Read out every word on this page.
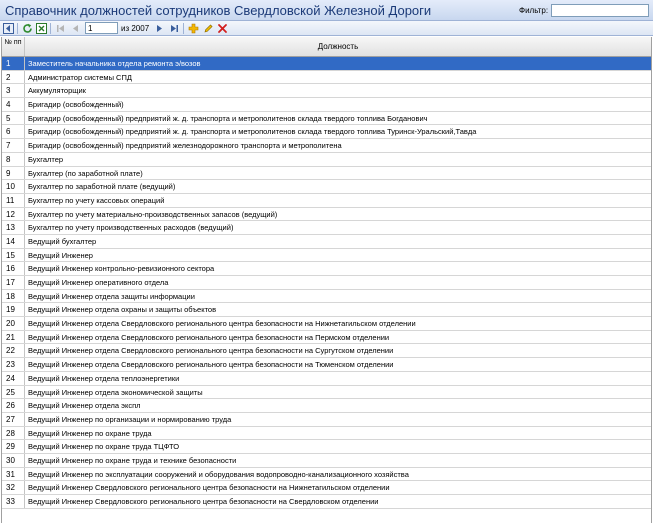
Справочник должностей сотрудников Свердловской Железной Дороги	Фильтр:
1
из 2007
№ пп	Должность
1	Заместитель начальника отдела ремонта э/возов
2	Администратор системы СПД
3	Аккумуляторщик
4	Бригадир (освобожденный)
5	Бригадир (освобожденный) предприятий ж. д. транспорта и метрополитенов склада твердого топлива Богданович
6	Бригадир (освобожденный) предприятий ж. д. транспорта и метрополитенов склада твердого топлива Туринск-Уральский,Тавда
7	Бригадир (освобожденный) предприятий железнодорожного транспорта и метрополитена
8	Бухгалтер
9	Бухгалтер (по заработной плате)
10	Бухгалтер по заработной плате (ведущий)
11	Бухгалтер по учету кассовых операций
12	Бухгалтер по учету материально-производственных запасов (ведущий)
13	Бухгалтер по учету производственных расходов (ведущий)
14	Ведущий бухгалтер
15	Ведущий Инженер
16	Ведущий Инженер контрольно-ревизионного сектора
17	Ведущий Инженер оперативного отдела
18	Ведущий Инженер отдела защиты информации
19	Ведущий Инженер отдела охраны и защиты объектов
20	Ведущий Инженер отдела Свердловского регионального центра безопасности на Нижнетагильском отделении
21	Ведущий Инженер отдела Свердловского регионального центра безопасности на Пермском отделении
22	Ведущий Инженер отдела Свердловского регионального центра безопасности на Сургутском отделении
23	Ведущий Инженер отдела Свердловского регионального центра безопасности на Тюменском отделении
24	Ведущий Инженер отдела теплоэнергетики
25	Ведущий Инженер отдела экономической защиты
26	Ведущий Инженер отдела экспл
27	Ведущий Инженер по организации и нормированию труда
28	Ведущий Инженер по охране труда
29	Ведущий Инженер по охране труда ТЦФТО
30	Ведущий Инженер по охране труда и технике безопасности
31	Ведущий Инженер по эксплуатации сооружений и оборудования водопроводно-канализационного хозяйства
32	Ведущий Инженер Свердловского регионального центра безопасности на Нижнетагильском отделении
33	Ведущий Инженер Свердловского регионального центра безопасности на Свердловском отделении
